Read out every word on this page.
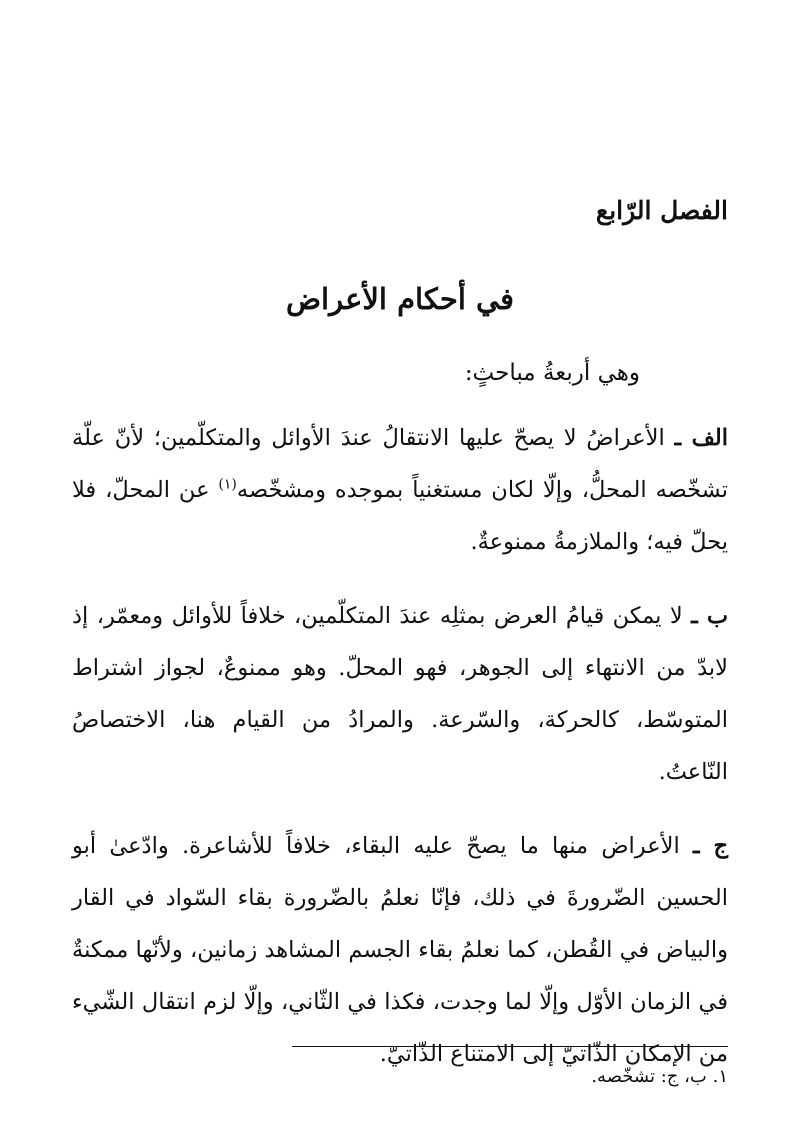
الفصل الرّابع
في أحكام الأعراض

وهي أربعةُ مباحثٍ:

الف ـ الأعراضُ لا يصحّ عليها الانتقالُ عندَ الأوائل والمتكلّمين؛ لأنّ علّة تشخّصه المحلُّ، وإلّا لكان مستغنياً بموجده ومشخّصه$^{(١)}$ عن المحلّ، فلا يحلّ فيه؛ والملازمةُ ممنوعةٌ.

ب ـ لا يمكن قيامُ العرض بمثلِه عندَ المتكلّمين، خلافاً للأوائل ومعمّر، إذ لابدّ من الانتهاء إلى الجوهر، فهو المحلّ. وهو ممنوعٌ، لجواز اشتراط المتوسّط، كالحركة، والسّرعة. والمرادُ من القيام هنا، الاختصاصُ النّاعتُ.

ج ـ الأعراض منها ما يصحّ عليه البقاء، خلافاً للأشاعرة. وادّعىٰ أبو الحسين الضّرورةَ في ذلك، فإنّا نعلمُ بالضّرورة بقاء السّواد في القار والبياض في القُطن، كما نعلمُ بقاء الجسم المشاهد زمانين، ولأنّها ممكنةٌ في الزمان الأوّل وإلّا لما وجدت، فكذا في الثّاني، وإلّا لزم انتقال الشّيء من الإمكان الذّاتيّ إلى الامتناع الذّاتيّ.

١. ب، ج: تشخّصه.
